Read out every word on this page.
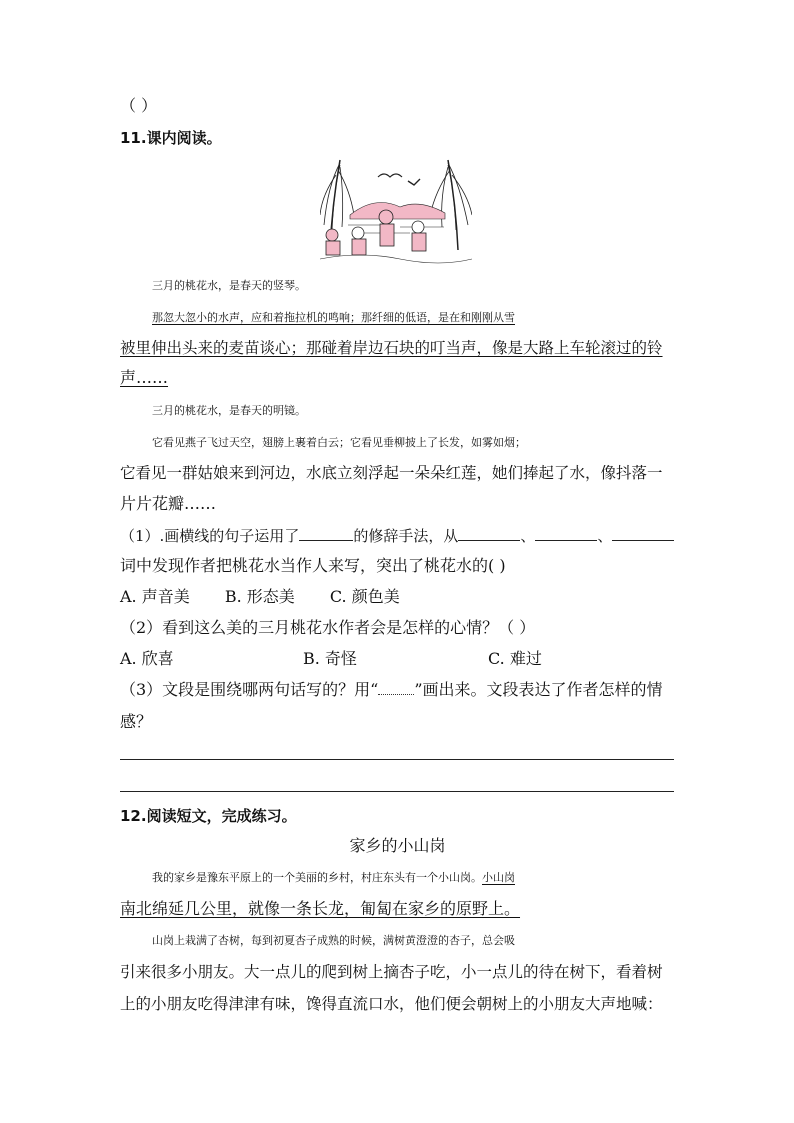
（ ）
11.课内阅读。
三月的桃花水，是春天的竖琴。
那忽大忽小的水声，应和着拖拉机的鸣响；那纤细的低语，是在和刚刚从雪
被里伸出头来的麦苗谈心；那碰着岸边石块的叮当声，像是大路上车轮滚过的铃
声……
三月的桃花水，是春天的明镜。
它看见燕子飞过天空，翅膀上裹着白云；它看见垂柳披上了长发，如雾如烟；
它看见一群姑娘来到河边，水底立刻浮起一朵朵红莲，她们捧起了水，像抖落一
片片花瓣……
（1）.画横线的句子运用了	的修辞手法，从	、	、
词中发现作者把桃花水当作人来写，突出了桃花水的( )
A. 声音美 B. 形态美 C. 颜色美
（2）看到这么美的三月桃花水作者会是怎样的心情？（ ）
A. 欣喜	B. 奇怪	C. 难过
（3）文段是围绕哪两句话写的？用“ ”画出来。文段表达了作者怎样的情
感？
12.阅读短文，完成练习。
家乡的小山岗
我的家乡是豫东平原上的一个美丽的乡村，村庄东头有一个小山岗。小山岗
南北绵延几公里，就像一条长龙，匍匐在家乡的原野上。
山岗上栽满了杏树，每到初夏杏子成熟的时候，满树黄澄澄的杏子，总会吸
引来很多小朋友。大一点儿的爬到树上摘杏子吃，小一点儿的待在树下，看着树
上的小朋友吃得津津有味，馋得直流口水，他们便会朝树上的小朋友大声地喊：
